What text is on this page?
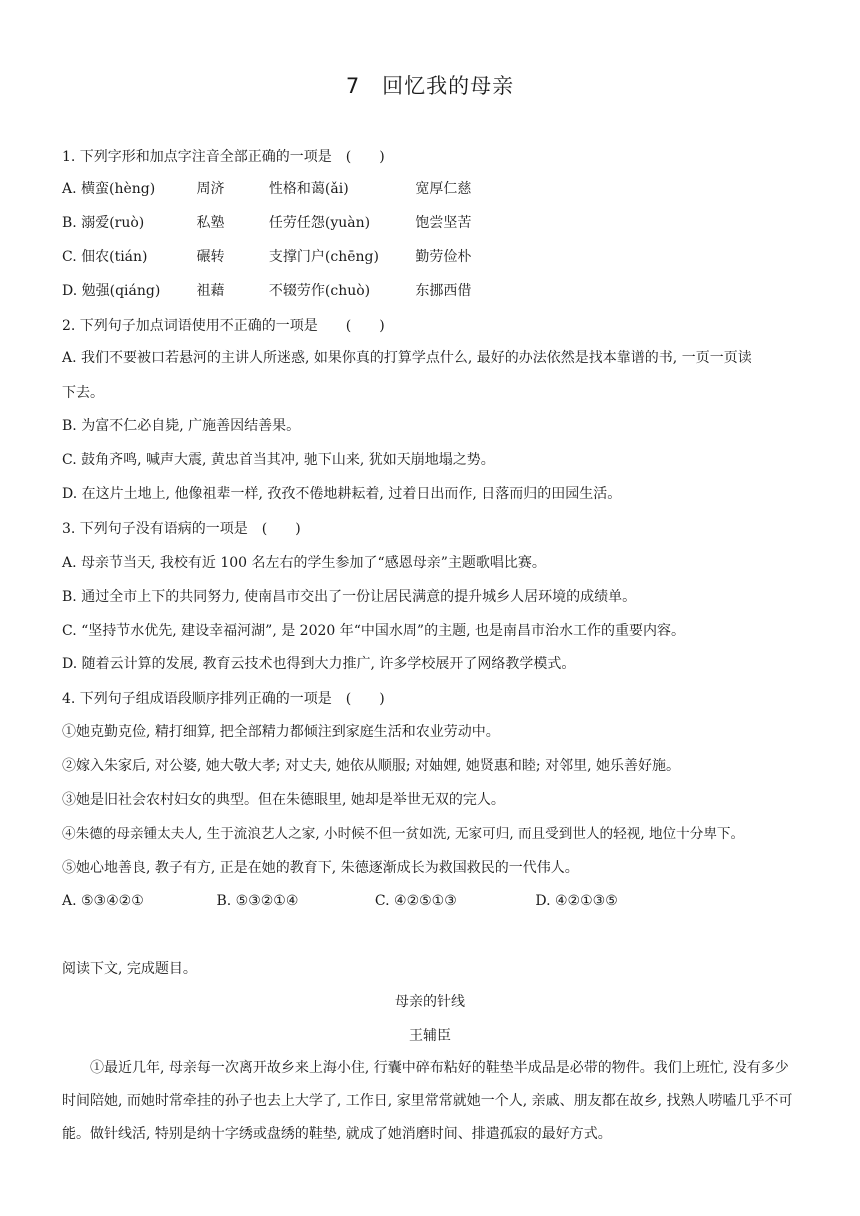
7　回忆我的母亲
1. 下列字形和加点字注音全部正确的一项是　(　　)
A. 横蛮(hèng)	周济	性格和蔼(ǎi)	宽厚仁慈
B. 溺爱(ruò)	私塾	任劳任怨(yuàn)	饱尝坚苦
C. 佃农(tián)	碾转	支撑门户(chēng)	勤劳俭朴
D. 勉强(qiáng)	祖藉	不辍劳作(chuò)	东挪西借
2. 下列句子加点词语使用不正确的一项是　　(　　)
A. 我们不要被口若悬河的主讲人所迷惑, 如果你真的打算学点什么, 最好的办法依然是找本靠谱的书, 一页一页读
下去。
B. 为富不仁必自毙, 广施善因结善果。
C. 鼓角齐鸣, 喊声大震, 黄忠首当其冲, 驰下山来, 犹如天崩地塌之势。
D. 在这片土地上, 他像祖辈一样, 孜孜不倦地耕耘着, 过着日出而作, 日落而归的田园生活。
3. 下列句子没有语病的一项是　(　　)
A. 母亲节当天, 我校有近 100 名左右的学生参加了“感恩母亲”主题歌唱比赛。
B. 通过全市上下的共同努力, 使南昌市交出了一份让居民满意的提升城乡人居环境的成绩单。
C. “坚持节水优先, 建设幸福河湖”, 是 2020 年“中国水周”的主题, 也是南昌市治水工作的重要内容。
D. 随着云计算的发展, 教育云技术也得到大力推广, 许多学校展开了网络教学模式。
4. 下列句子组成语段顺序排列正确的一项是　(　　)
①她克勤克俭, 精打细算, 把全部精力都倾注到家庭生活和农业劳动中。
②嫁入朱家后, 对公婆, 她大敬大孝; 对丈夫, 她依从顺服; 对妯娌, 她贤惠和睦; 对邻里, 她乐善好施。
③她是旧社会农村妇女的典型。但在朱德眼里, 她却是举世无双的完人。
④朱德的母亲锺太夫人, 生于流浪艺人之家, 小时候不但一贫如洗, 无家可归, 而且受到世人的轻视, 地位十分卑下。
⑤她心地善良, 教子有方, 正是在她的教育下, 朱德逐渐成长为救国救民的一代伟人。
A. ⑤③④②①	B. ⑤③②①④	C. ④②⑤①③	D. ④②①③⑤
阅读下文, 完成题目。
母亲的针线
王辅臣
①最近几年, 母亲每一次离开故乡来上海小住, 行囊中碎布粘好的鞋垫半成品是必带的物件。我们上班忙, 没有多少时间陪她, 而她时常牵挂的孙子也去上大学了, 工作日, 家里常常就她一个人, 亲戚、朋友都在故乡, 找熟人唠嗑几乎不可能。做针线活, 特别是纳十字绣或盘绣的鞋垫, 就成了她消磨时间、排遣孤寂的最好方式。
